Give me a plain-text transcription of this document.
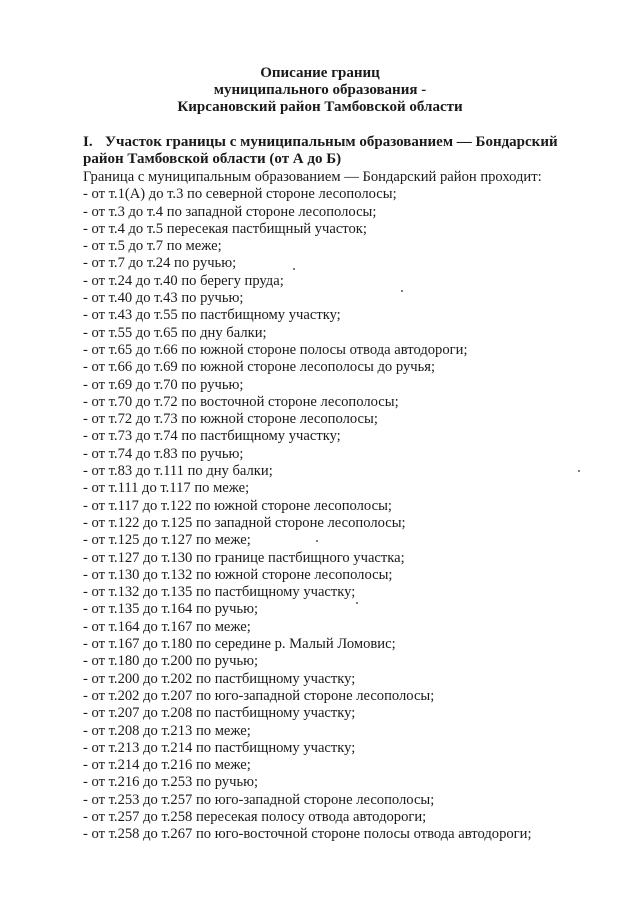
Описание границ
муниципального образования -
Кирсановский район Тамбовской области
I. Участок границы с муниципальным образованием — Бондарский
район Тамбовской области (от А до Б)
Граница с муниципальным образованием — Бондарский район проходит:
- от т.1(А) до т.3 по северной стороне лесополосы;
- от т.3 до т.4 по западной стороне лесополосы;
- от т.4 до т.5 пересекая пастбищный участок;
- от т.5 до т.7 по меже;
- от т.7 до т.24 по ручью;
- от т.24 до т.40 по берегу пруда;
- от т.40 до т.43 по ручью;
- от т.43 до т.55 по пастбищному участку;
- от т.55 до т.65 по дну балки;
- от т.65 до т.66 по южной стороне полосы отвода автодороги;
- от т.66 до т.69 по южной стороне лесополосы до ручья;
- от т.69 до т.70 по ручью;
- от т.70 до т.72 по восточной стороне лесополосы;
- от т.72 до т.73 по южной стороне лесополосы;
- от т.73 до т.74 по пастбищному участку;
- от т.74 до т.83 по ручью;
- от т.83 до т.111 по дну балки;
- от т.111 до т.117 по меже;
- от т.117 до т.122 по южной стороне лесополосы;
- от т.122 до т.125 по западной стороне лесополосы;
- от т.125 до т.127 по меже;
- от т.127 до т.130 по границе пастбищного участка;
- от т.130 до т.132 по южной стороне лесополосы;
- от т.132 до т.135 по пастбищному участку;
- от т.135 до т.164 по ручью;
- от т.164 до т.167 по меже;
- от т.167 до т.180 по середине р. Малый Ломовис;
- от т.180 до т.200 по ручью;
- от т.200 до т.202 по пастбищному участку;
- от т.202 до т.207 по юго-западной стороне лесополосы;
- от т.207 до т.208 по пастбищному участку;
- от т.208 до т.213 по меже;
- от т.213 до т.214 по пастбищному участку;
- от т.214 до т.216 по меже;
- от т.216 до т.253 по ручью;
- от т.253 до т.257 по юго-западной стороне лесополосы;
- от т.257 до т.258 пересекая полосу отвода автодороги;
- от т.258 до т.267 по юго-восточной стороне полосы отвода автодороги;
